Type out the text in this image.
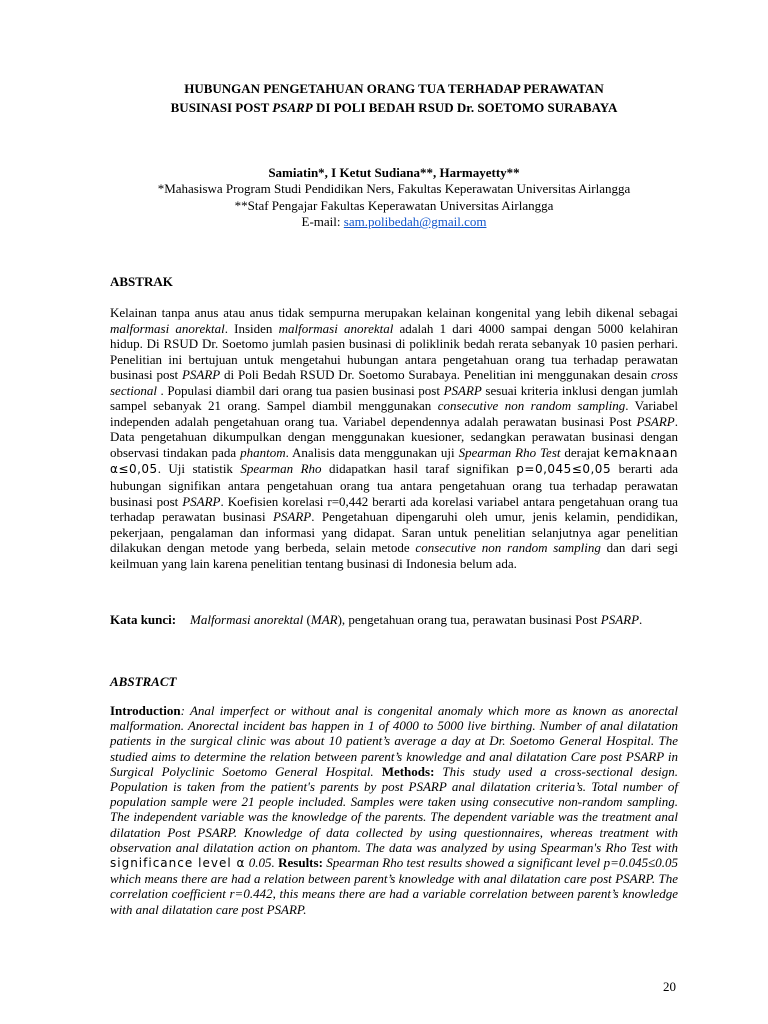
HUBUNGAN PENGETAHUAN ORANG TUA TERHADAP PERAWATAN
BUSINASI POST PSARP DI POLI BEDAH RSUD Dr. SOETOMO SURABAYA
Samiatin*, I Ketut Sudiana**, Harmayetty**
*Mahasiswa Program Studi Pendidikan Ners, Fakultas Keperawatan Universitas Airlangga
**Staf Pengajar Fakultas Keperawatan Universitas Airlangga
E-mail: sam.polibedah@gmail.com
ABSTRAK
Kelainan tanpa anus atau anus tidak sempurna merupakan kelainan kongenital yang lebih dikenal sebagai malformasi anorektal. Insiden malformasi anorektal adalah 1 dari 4000 sampai dengan 5000 kelahiran hidup. Di RSUD Dr. Soetomo jumlah pasien businasi di poliklinik bedah rerata sebanyak 10 pasien perhari. Penelitian ini bertujuan untuk mengetahui hubungan antara pengetahuan orang tua terhadap perawatan businasi post PSARP di Poli Bedah RSUD Dr. Soetomo Surabaya. Penelitian ini menggunakan desain cross sectional . Populasi diambil dari orang tua pasien businasi post PSARP sesuai kriteria inklusi dengan jumlah sampel sebanyak 21 orang. Sampel diambil menggunakan consecutive non random sampling. Variabel independen adalah pengetahuan orang tua. Variabel dependennya adalah perawatan businasi Post PSARP. Data pengetahuan dikumpulkan dengan menggunakan kuesioner, sedangkan perawatan businasi dengan observasi tindakan pada phantom. Analisis data menggunakan uji Spearman Rho Test derajat kemaknaan α≤0,05. Uji statistik Spearman Rho didapatkan hasil taraf signifikan p=0,045≤0,05 berarti ada hubungan signifikan antara pengetahuan orang tua antara pengetahuan orang tua terhadap perawatan businasi post PSARP. Koefisien korelasi r=0,442 berarti ada korelasi variabel antara pengetahuan orang tua terhadap perawatan businasi PSARP. Pengetahuan dipengaruhi oleh umur, jenis kelamin, pendidikan, pekerjaan, pengalaman dan informasi yang didapat. Saran untuk penelitian selanjutnya agar penelitian dilakukan dengan metode yang berbeda, selain metode consecutive non random sampling dan dari segi keilmuan yang lain karena penelitian tentang businasi di Indonesia belum ada.
Kata kunci: Malformasi anorektal (MAR), pengetahuan orang tua, perawatan businasi Post PSARP.
ABSTRACT
Introduction: Anal imperfect or without anal is congenital anomaly which more as known as anorectal malformation. Anorectal incident bas happen in 1 of 4000 to 5000 live birthing. Number of anal dilatation patients in the surgical clinic was about 10 patient’s average a day at Dr. Soetomo General Hospital. The studied aims to determine the relation between parent’s knowledge and anal dilatation Care post PSARP in Surgical Polyclinic Soetomo General Hospital. Methods: This study used a cross-sectional design. Population is taken from the patient's parents by post PSARP anal dilatation criteria’s. Total number of population sample were 21 people included. Samples were taken using consecutive non-random sampling. The independent variable was the knowledge of the parents. The dependent variable was the treatment anal dilatation Post PSARP. Knowledge of data collected by using questionnaires, whereas treatment with observation anal dilatation action on phantom. The data was analyzed by using Spearman's Rho Test with significance level α 0.05. Results: Spearman Rho test results showed a significant level p=0.045≤0.05 which means there are had a relation between parent’s knowledge with anal dilatation care post PSARP. The correlation coefficient r=0.442, this means there are had a variable correlation between parent’s knowledge with anal dilatation care post PSARP.
20
